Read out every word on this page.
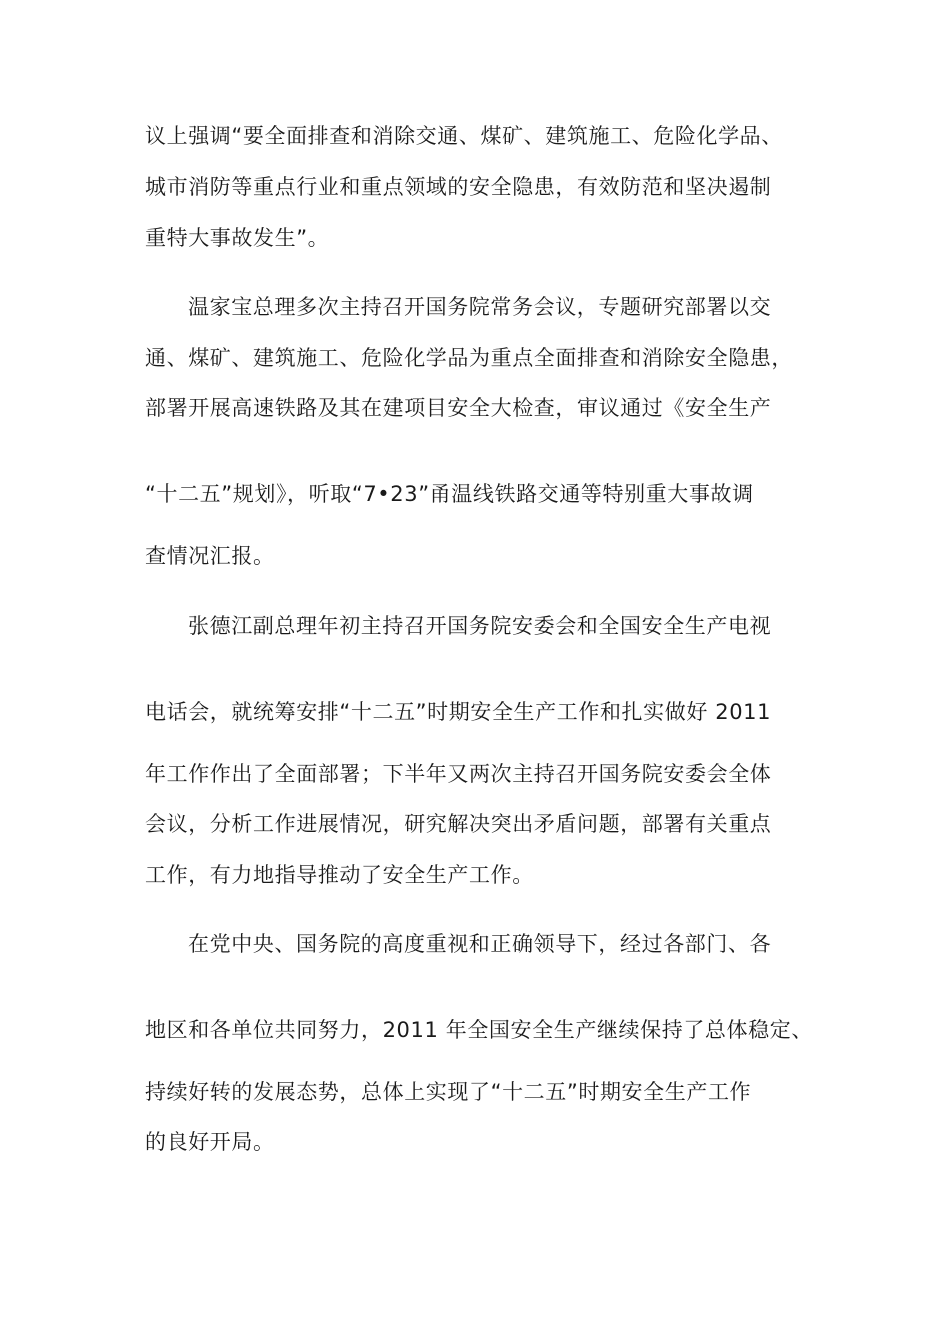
议上强调“要全面排查和消除交通、煤矿、建筑施工、危险化学品、
城市消防等重点行业和重点领域的安全隐患，有效防范和坚决遏制
重特大事故发生”。
温家宝总理多次主持召开国务院常务会议，专题研究部署以交
通、煤矿、建筑施工、危险化学品为重点全面排查和消除安全隐患，
部署开展高速铁路及其在建项目安全大检查，审议通过《安全生产
“十二五”规划》，听取“7•23”甬温线铁路交通等特别重大事故调
查情况汇报。
张德江副总理年初主持召开国务院安委会和全国安全生产电视
电话会，就统筹安排“十二五”时期安全生产工作和扎实做好 2011
年工作作出了全面部署；下半年又两次主持召开国务院安委会全体
会议，分析工作进展情况，研究解决突出矛盾问题，部署有关重点
工作，有力地指导推动了安全生产工作。
在党中央、国务院的高度重视和正确领导下，经过各部门、各
地区和各单位共同努力，2011 年全国安全生产继续保持了总体稳定、
持续好转的发展态势，总体上实现了“十二五”时期安全生产工作
的良好开局。
